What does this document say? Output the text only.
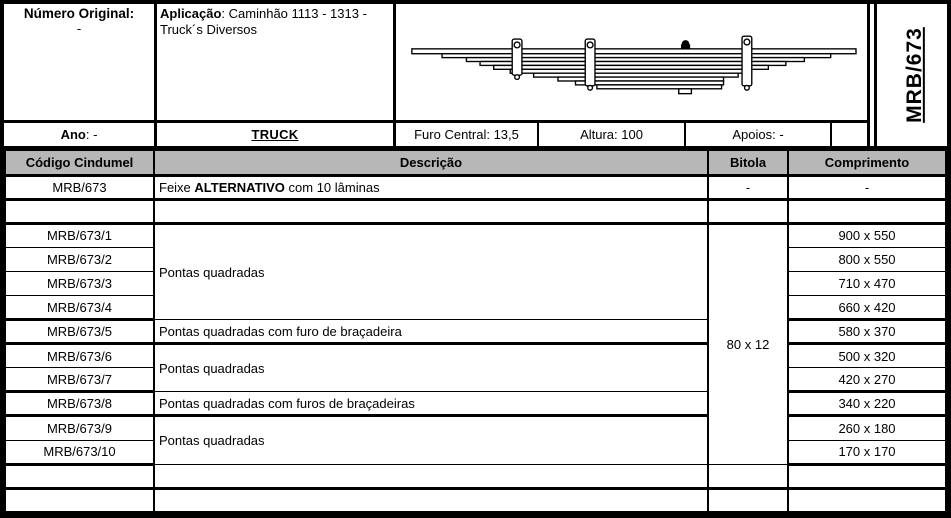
Número Original:
-
Ano: -
Aplicação: Caminhão 1113 - 1313 - Truck´s Diversos
TRUCK	Furo Central: 13,5	Altura: 100	Apoios: -
MRB/673
Código Cindumel	Descrição	Bitola	Comprimento
MRB/673	Feixe ALTERNATIVO com 10 lâminas	-	-

MRB/673/1	Pontas quadradas	80 x 12	900 x 550
MRB/673/2			800 x 550
MRB/673/3			710 x 470
MRB/673/4			660 x 420
MRB/673/5	Pontas quadradas com furo de braçadeira		580 x 370
MRB/673/6	Pontas quadradas		500 x 320
MRB/673/7			420 x 270
MRB/673/8	Pontas quadradas com furos de braçadeiras		340 x 220
MRB/673/9	Pontas quadradas		260 x 180
MRB/673/10			170 x 170
